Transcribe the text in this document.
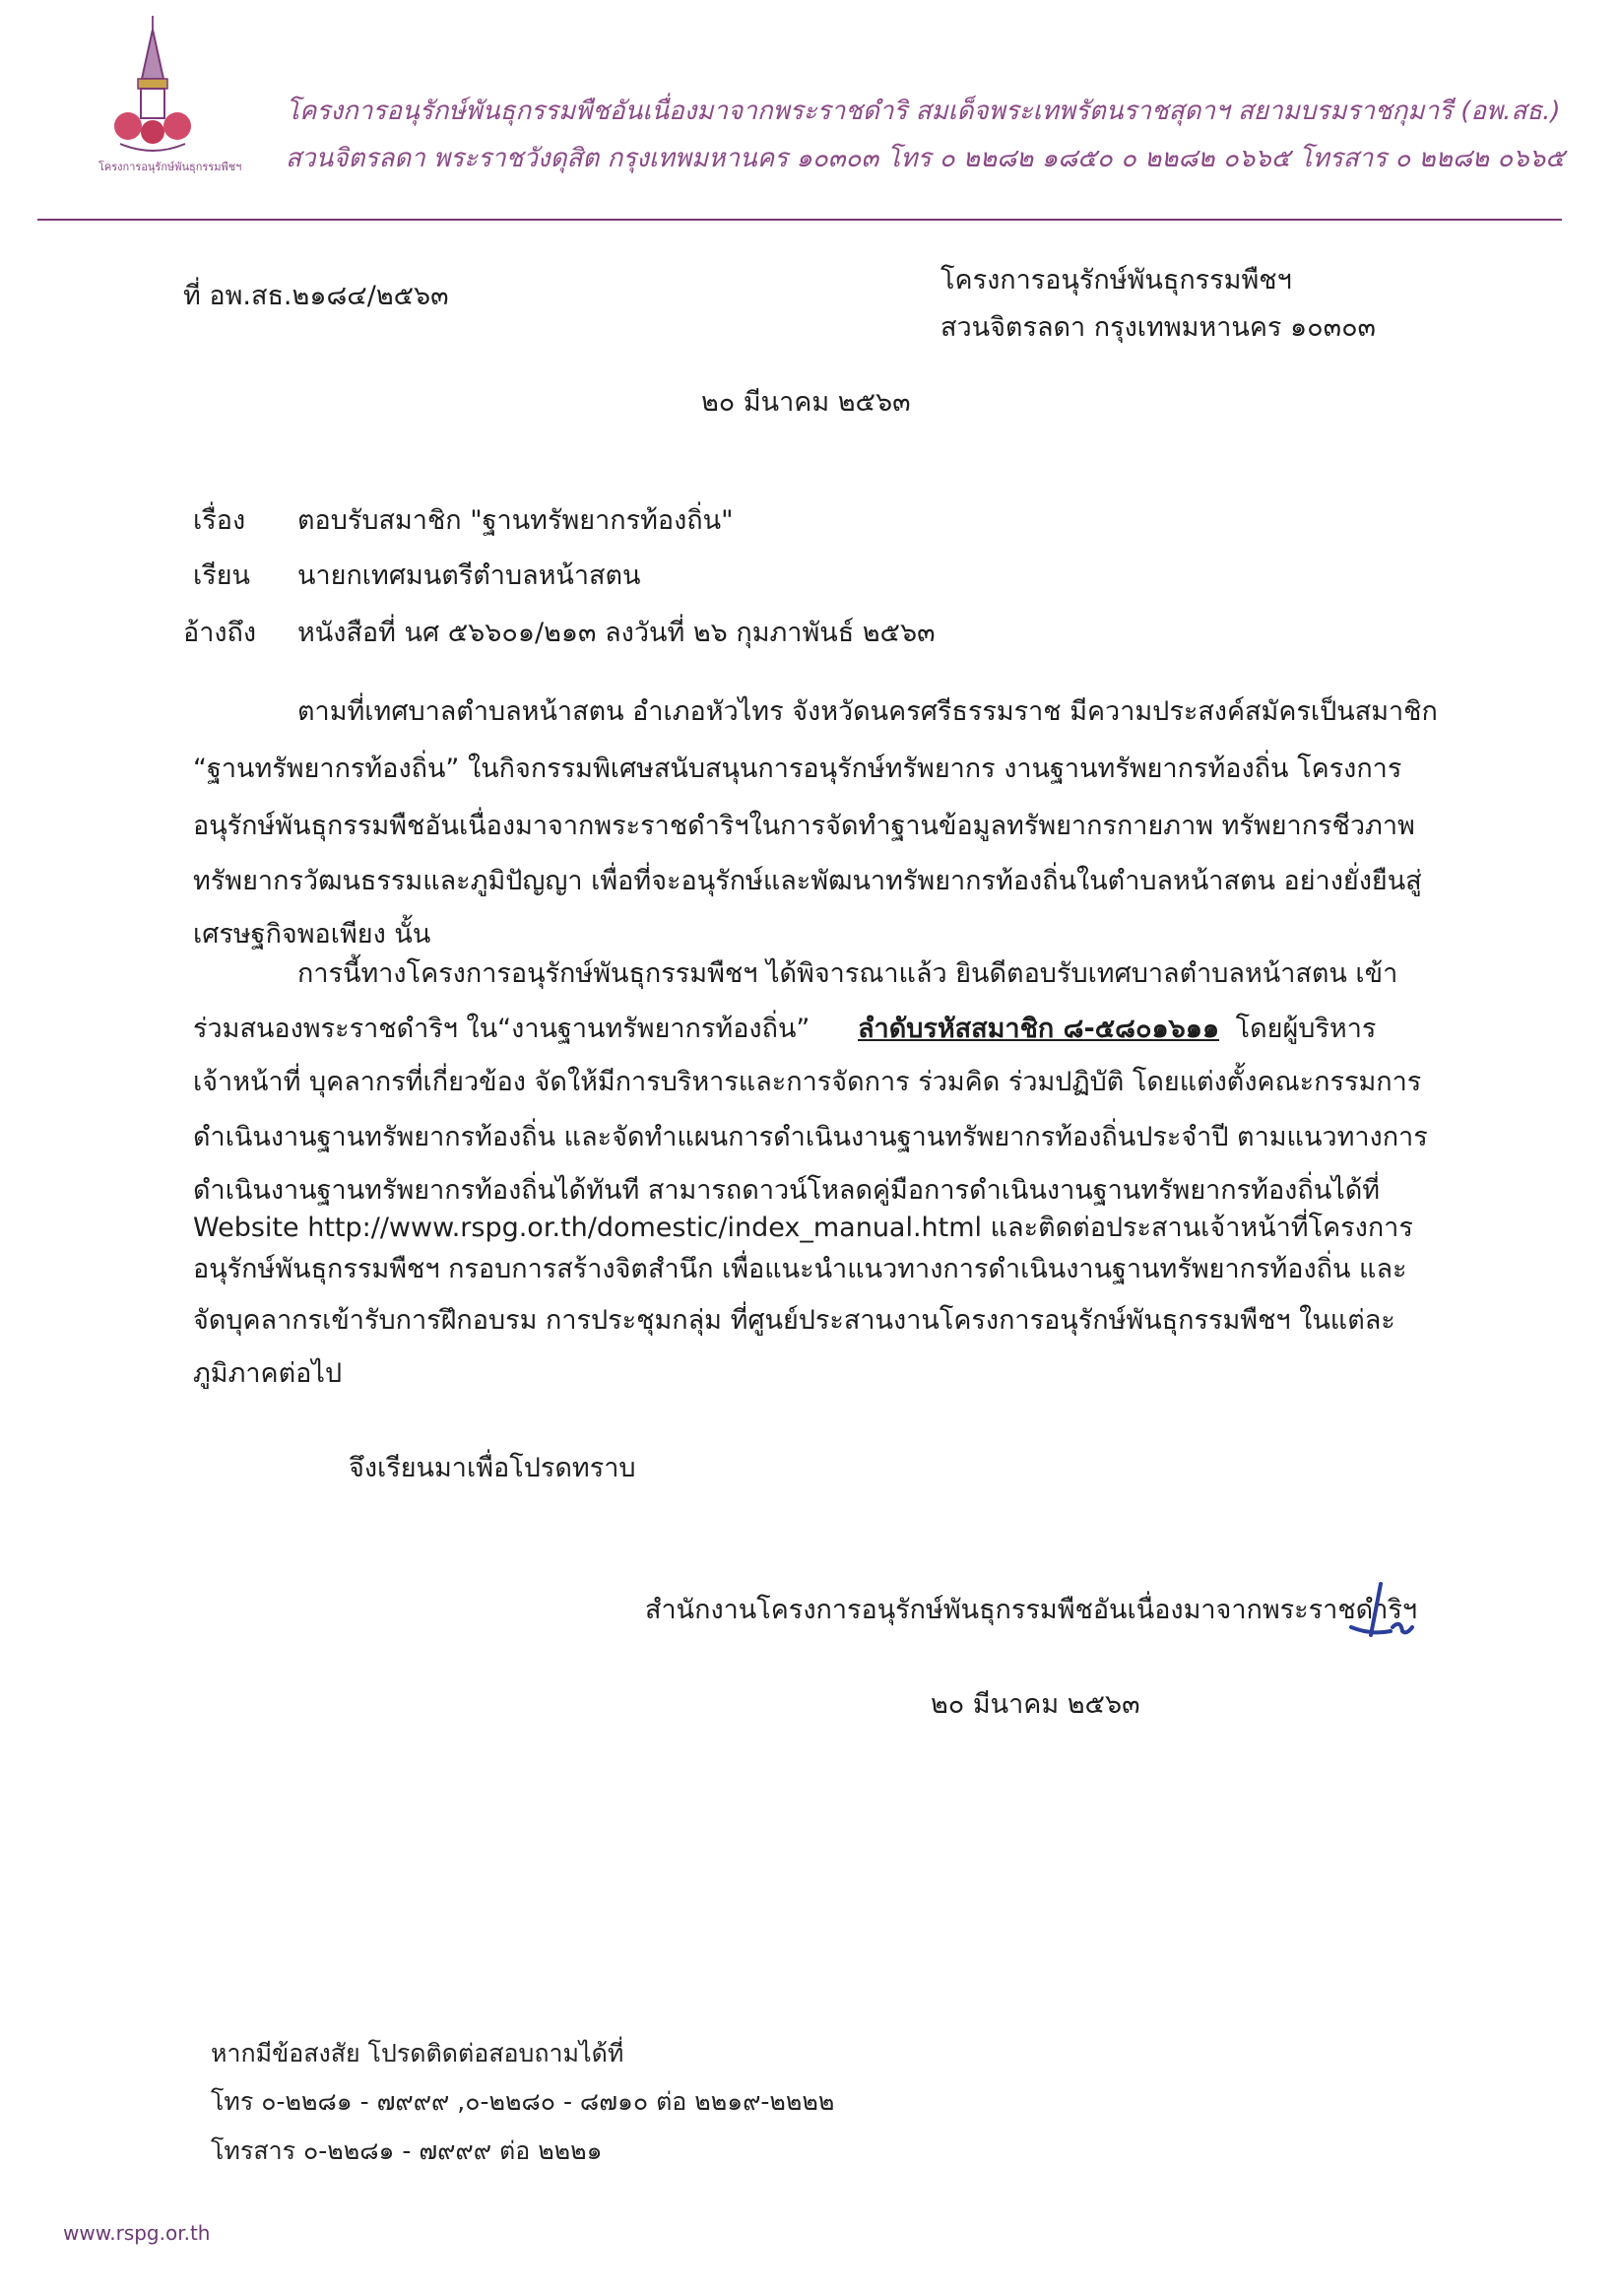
โครงการอนุรักษ์พันธุกรรมพืชฯ
โครงการอนุรักษ์พันธุกรรมพืชอันเนื่องมาจากพระราชดำริ สมเด็จพระเทพรัตนราชสุดาฯ สยามบรมราชกุมารี (อพ.สธ.)
สวนจิตรลดา พระราชวังดุสิต กรุงเทพมหานคร ๑๐๓๐๓ โทร ๐ ๒๒๘๒ ๑๘๕๐ ๐ ๒๒๘๒ ๐๖๖๕ โทรสาร ๐ ๒๒๘๒ ๐๖๖๕
ที่ อพ.สธ.๒๑๘๔/๒๕๖๓
โครงการอนุรักษ์พันธุกรรมพืชฯ
สวนจิตรลดา กรุงเทพมหานคร ๑๐๓๐๓
๒๐ มีนาคม ๒๕๖๓
เรื่อง ตอบรับสมาชิก "ฐานทรัพยากรท้องถิ่น"
เรียน นายกเทศมนตรีตำบลหน้าสตน
อ้างถึง หนังสือที่ นศ ๕๖๖๐๑/๒๑๓ ลงวันที่ ๒๖ กุมภาพันธ์ ๒๕๖๓
ตามที่เทศบาลตำบลหน้าสตน อำเภอหัวไทร จังหวัดนครศรีธรรมราช มีความประสงค์สมัครเป็นสมาชิก
“ฐานทรัพยากรท้องถิ่น” ในกิจกรรมพิเศษสนับสนุนการอนุรักษ์ทรัพยากร งานฐานทรัพยากรท้องถิ่น โครงการ
อนุรักษ์พันธุกรรมพืชอันเนื่องมาจากพระราชดำริฯในการจัดทำฐานข้อมูลทรัพยากรกายภาพ ทรัพยากรชีวภาพ
ทรัพยากรวัฒนธรรมและภูมิปัญญา เพื่อที่จะอนุรักษ์และพัฒนาทรัพยากรท้องถิ่นในตำบลหน้าสตน อย่างยั่งยืนสู่
เศรษฐกิจพอเพียง นั้น
การนี้ทางโครงการอนุรักษ์พันธุกรรมพืชฯ ได้พิจารณาแล้ว ยินดีตอบรับเทศบาลตำบลหน้าสตน เข้า
ร่วมสนองพระราชดำริฯ ใน“งานฐานทรัพยากรท้องถิ่น” ลำดับรหัสสมาชิก ๘-๕๘๐๑๖๑๑ โดยผู้บริหาร
เจ้าหน้าที่ บุคลากรที่เกี่ยวข้อง จัดให้มีการบริหารและการจัดการ ร่วมคิด ร่วมปฏิบัติ โดยแต่งตั้งคณะกรรมการ
ดำเนินงานฐานทรัพยากรท้องถิ่น และจัดทำแผนการดำเนินงานฐานทรัพยากรท้องถิ่นประจำปี ตามแนวทางการ
ดำเนินงานฐานทรัพยากรท้องถิ่นได้ทันที สามารถดาวน์โหลดคู่มือการดำเนินงานฐานทรัพยากรท้องถิ่นได้ที่
Website http://www.rspg.or.th/domestic/index_manual.html และติดต่อประสานเจ้าหน้าที่โครงการ
อนุรักษ์พันธุกรรมพืชฯ กรอบการสร้างจิตสำนึก เพื่อแนะนำแนวทางการดำเนินงานฐานทรัพยากรท้องถิ่น และ
จัดบุคลากรเข้ารับการฝึกอบรม การประชุมกลุ่ม ที่ศูนย์ประสานงานโครงการอนุรักษ์พันธุกรรมพืชฯ ในแต่ละ
ภูมิภาคต่อไป
จึงเรียนมาเพื่อโปรดทราบ
สำนักงานโครงการอนุรักษ์พันธุกรรมพืชอันเนื่องมาจากพระราชดำริฯ
๒๐ มีนาคม ๒๕๖๓
หากมีข้อสงสัย โปรดติดต่อสอบถามได้ที่
โทร ๐-๒๒๘๑ - ๗๙๙๙ ,๐-๒๒๘๐ - ๘๗๑๐ ต่อ ๒๒๑๙-๒๒๒๒
โทรสาร ๐-๒๒๘๑ - ๗๙๙๙ ต่อ ๒๒๒๑
www.rspg.or.th
